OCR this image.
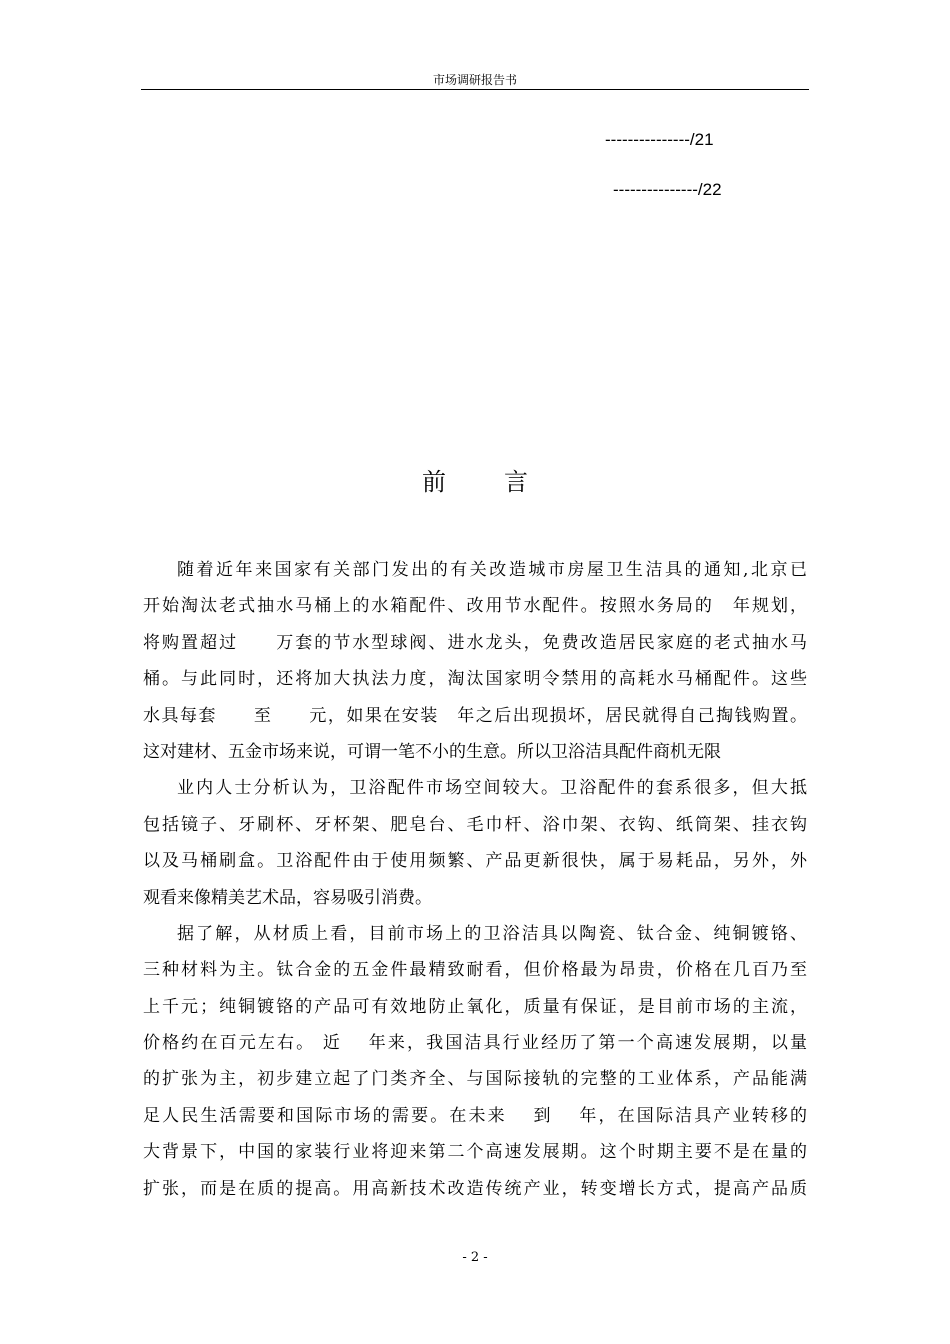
市场调研报告书
---------------/21
---------------/22
前 言
随着近年来国家有关部门发出的有关改造城市房屋卫生洁具的通知,北京已
开始淘汰老式抽水马桶上的水箱配件、改用节水配件。按照水务局的　年规划，
将购置超过　　万套的节水型球阀、进水龙头，免费改造居民家庭的老式抽水马
桶。与此同时，还将加大执法力度，淘汰国家明令禁用的高耗水马桶配件。这些
水具每套　　至　　元，如果在安装　年之后出现损坏，居民就得自己掏钱购置。
这对建材、五金市场来说，可谓一笔不小的生意。所以卫浴洁具配件商机无限
业内人士分析认为，卫浴配件市场空间较大。卫浴配件的套系很多，但大抵
包括镜子、牙刷杯、牙杯架、肥皂台、毛巾杆、浴巾架、衣钩、纸筒架、挂衣钩
以及马桶刷盒。卫浴配件由于使用频繁、产品更新很快，属于易耗品，另外，外
观看来像精美艺术品，容易吸引消费。
据了解，从材质上看，目前市场上的卫浴洁具以陶瓷、钛合金、纯铜镀铬、
三种材料为主。钛合金的五金件最精致耐看，但价格最为昂贵，价格在几百乃至
上千元；纯铜镀铬的产品可有效地防止氧化，质量有保证，是目前市场的主流，
价格约在百元左右。 近　 年来，我国洁具行业经历了第一个高速发展期，以量
的扩张为主，初步建立起了门类齐全、与国际接轨的完整的工业体系，产品能满
足人民生活需要和国际市场的需要。在未来　 到　 年，在国际洁具产业转移的
大背景下，中国的家装行业将迎来第二个高速发展期。这个时期主要不是在量的
扩张，而是在质的提高。用高新技术改造传统产业，转变增长方式，提高产品质
- 2 -
